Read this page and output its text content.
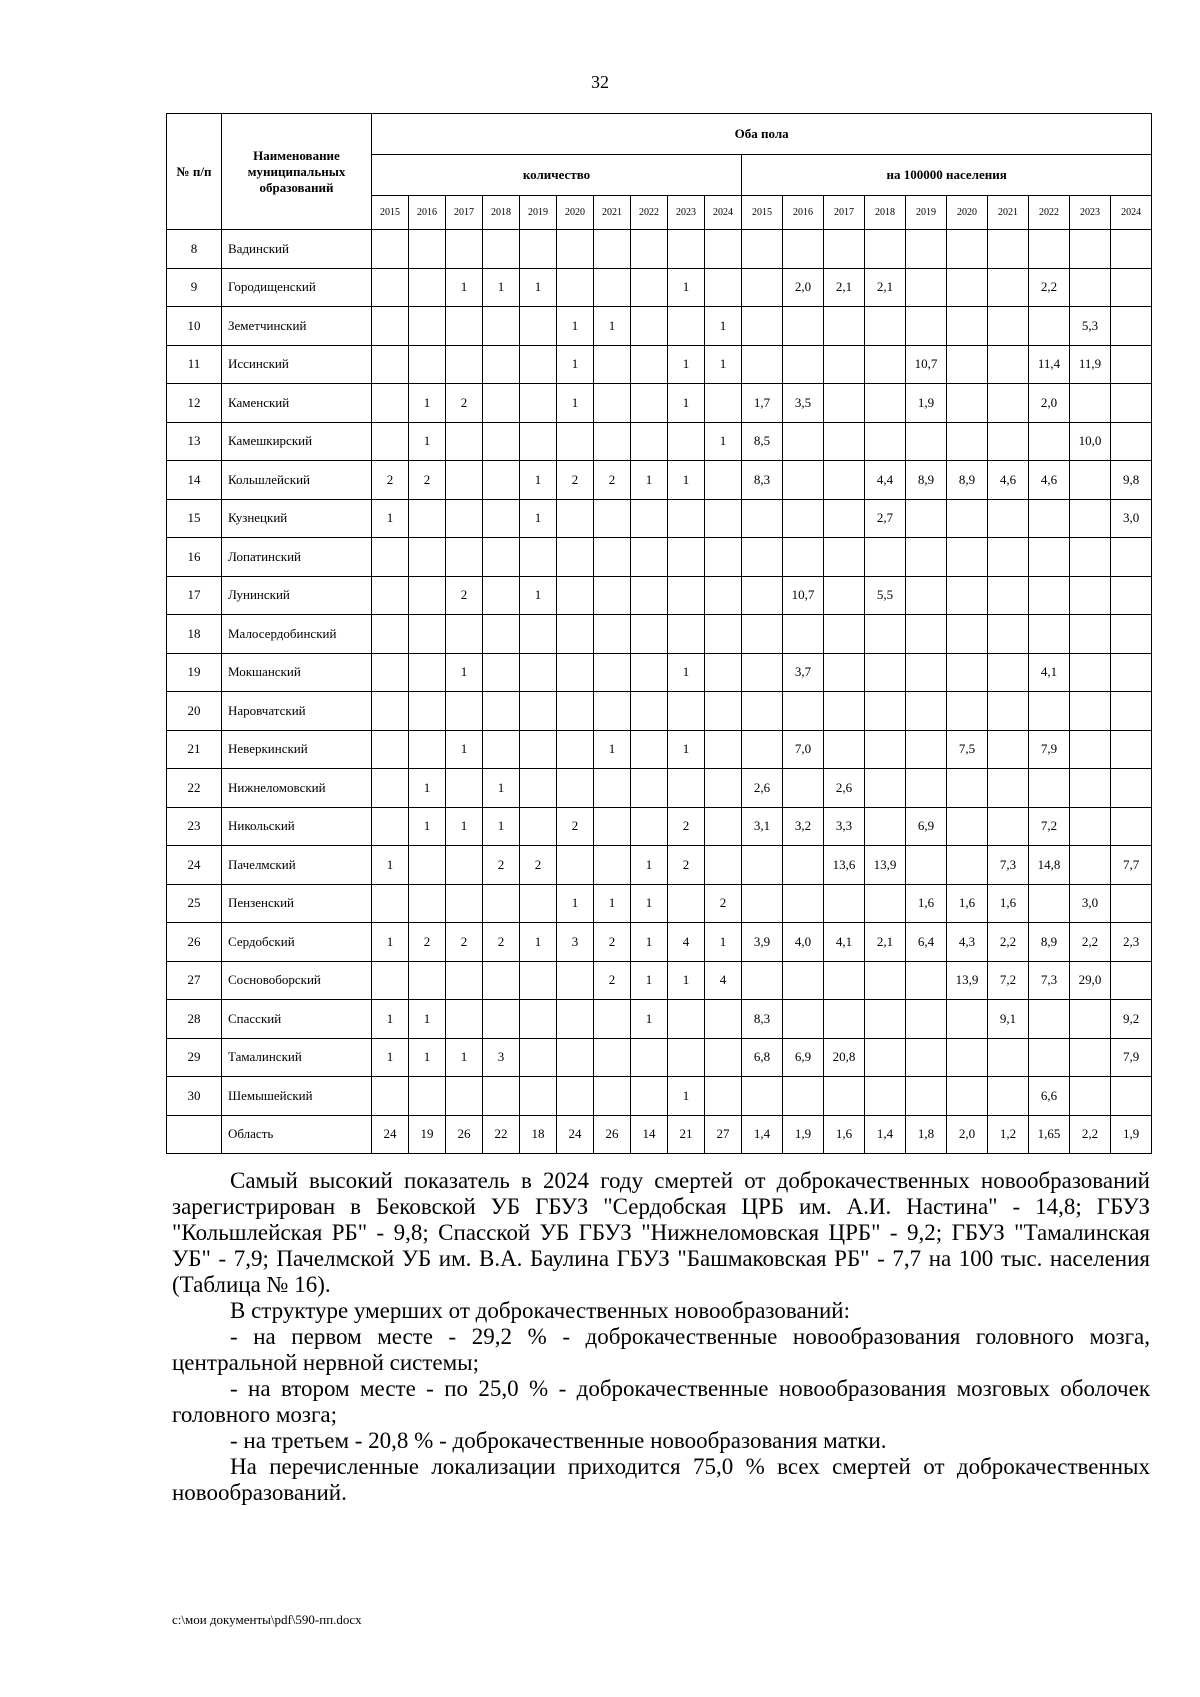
32
№ п/п	Наименование муниципальных образований	Оба пола																			
		количество										на 100000 населения									
		2015	2016	2017	2018	2019	2020	2021	2022	2023	2024	2015	2016	2017	2018	2019	2020	2021	2022	2023	2024
8	Вадинский																				
9	Городищенский			1	1	1				1			2,0	2,1	2,1				2,2		
10	Земетчинский						1	1			1									5,3	
11	Иссинский						1			1	1					10,7			11,4	11,9	
12	Каменский		1	2			1			1		1,7	3,5			1,9			2,0		
13	Камешкирский		1								1	8,5								10,0	
14	Кольшлейский	2	2			1	2	2	1	1		8,3			4,4	8,9	8,9	4,6	4,6		9,8
15	Кузнецкий	1				1									2,7						3,0
16	Лопатинский																				
17	Лунинский			2		1							10,7		5,5						
18	Малосердобинский																				
19	Мокшанский			1						1			3,7						4,1		
20	Наровчатский																				
21	Неверкинский			1				1		1			7,0				7,5		7,9		
22	Нижнеломовский		1		1							2,6		2,6							
23	Никольский		1	1	1		2			2		3,1	3,2	3,3		6,9			7,2		
24	Пачелмский	1			2	2			1	2				13,6	13,9			7,3	14,8		7,7
25	Пензенский						1	1	1		2					1,6	1,6	1,6		3,0	
26	Сердобский	1	2	2	2	1	3	2	1	4	1	3,9	4,0	4,1	2,1	6,4	4,3	2,2	8,9	2,2	2,3
27	Сосновоборский							2	1	1	4						13,9	7,2	7,3	29,0	
28	Спасский	1	1						1			8,3						9,1			9,2
29	Тамалинский	1	1	1	3							6,8	6,9	20,8							7,9
30	Шемышейский									1									6,6		
	Область	24	19	26	22	18	24	26	14	21	27	1,4	1,9	1,6	1,4	1,8	2,0	1,2	1,65	2,2	1,9

Самый высокий показатель в 2024 году смертей от доброкачественных новообразований зарегистрирован в Бековской УБ ГБУЗ "Сердобская ЦРБ им. А.И. Настина" - 14,8; ГБУЗ "Кольшлейская РБ" - 9,8; Спасской УБ ГБУЗ "Нижнеломовская ЦРБ" - 9,2; ГБУЗ "Тамалинская УБ" - 7,9; Пачелмской УБ им. В.А. Баулина ГБУЗ "Башмаковская РБ" - 7,7 на 100 тыс. населения (Таблица № 16).

В структуре умерших от доброкачественных новообразований:

- на первом месте - 29,2 % - доброкачественные новообразования головного мозга, центральной нервной системы;

- на втором месте - по 25,0 % - доброкачественные новообразования мозговых оболочек головного мозга;

- на третьем - 20,8 % - доброкачественные новообразования матки.

На перечисленные локализации приходится 75,0 % всех смертей от доброкачественных новообразований.

c:\мои документы\pdf\590-пп.docx
